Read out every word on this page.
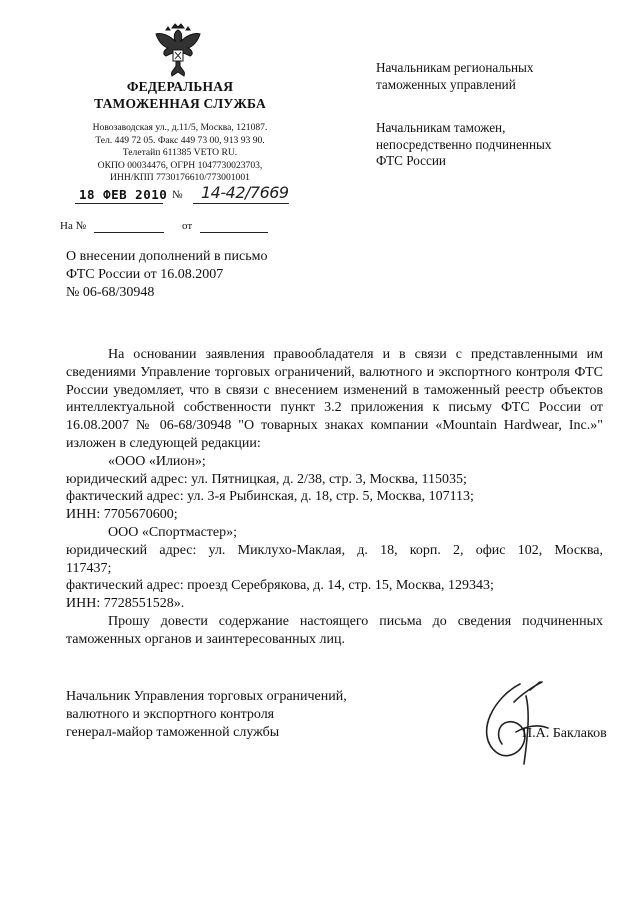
ФЕДЕРАЛЬНАЯ
ТАМОЖЕННАЯ СЛУЖБА
Новозаводская ул., д.11/5, Москва, 121087.
Тел. 449 72 05. Факс 449 73 00, 913 93 90.
Телетайп 611385 VETO RU.
ОКПО 00034476, ОГРН 1047730023703,
ИНН/КПП 7730176610/773001001
18 ФЕВ 2010 № 14-42/7669
На №	от
Начальникам региональных
таможенных управлений
Начальникам таможен,
непосредственно подчиненных
ФТС России
О внесении дополнений в письмо
ФТС России от 16.08.2007
№ 06-68/30948

На основании заявления правообладателя и в связи с представленными им сведениями Управление торговых ограничений, валютного и экспортного контроля ФТС России уведомляет, что в связи с внесением изменений в таможенный реестр объектов интеллектуальной собственности пункт 3.2 приложения к письму ФТС России от 16.08.2007 № 06-68/30948 "О товарных знаках компании «Mountain Hardwear, Inc.»" изложен в следующей редакции:

«ООО «Илион»;

юридический адрес: ул. Пятницкая, д. 2/38, стр. 3, Москва, 115035;

фактический адрес: ул. 3-я Рыбинская, д. 18, стр. 5, Москва, 107113;

ИНН: 7705670600;

ООО «Спортмастер»;

юридический адрес: ул. Миклухо-Маклая, д. 18, корп. 2, офис 102, Москва,

117437;

фактический адрес: проезд Серебрякова, д. 14, стр. 15, Москва, 129343;

ИНН: 7728551528».

Прошу довести содержание настоящего письма до сведения подчиненных таможенных органов и заинтересованных лиц.

Начальник Управления торговых ограничений,
валютного и экспортного контроля
генерал-майор таможенной службы	П.А. Баклаков
